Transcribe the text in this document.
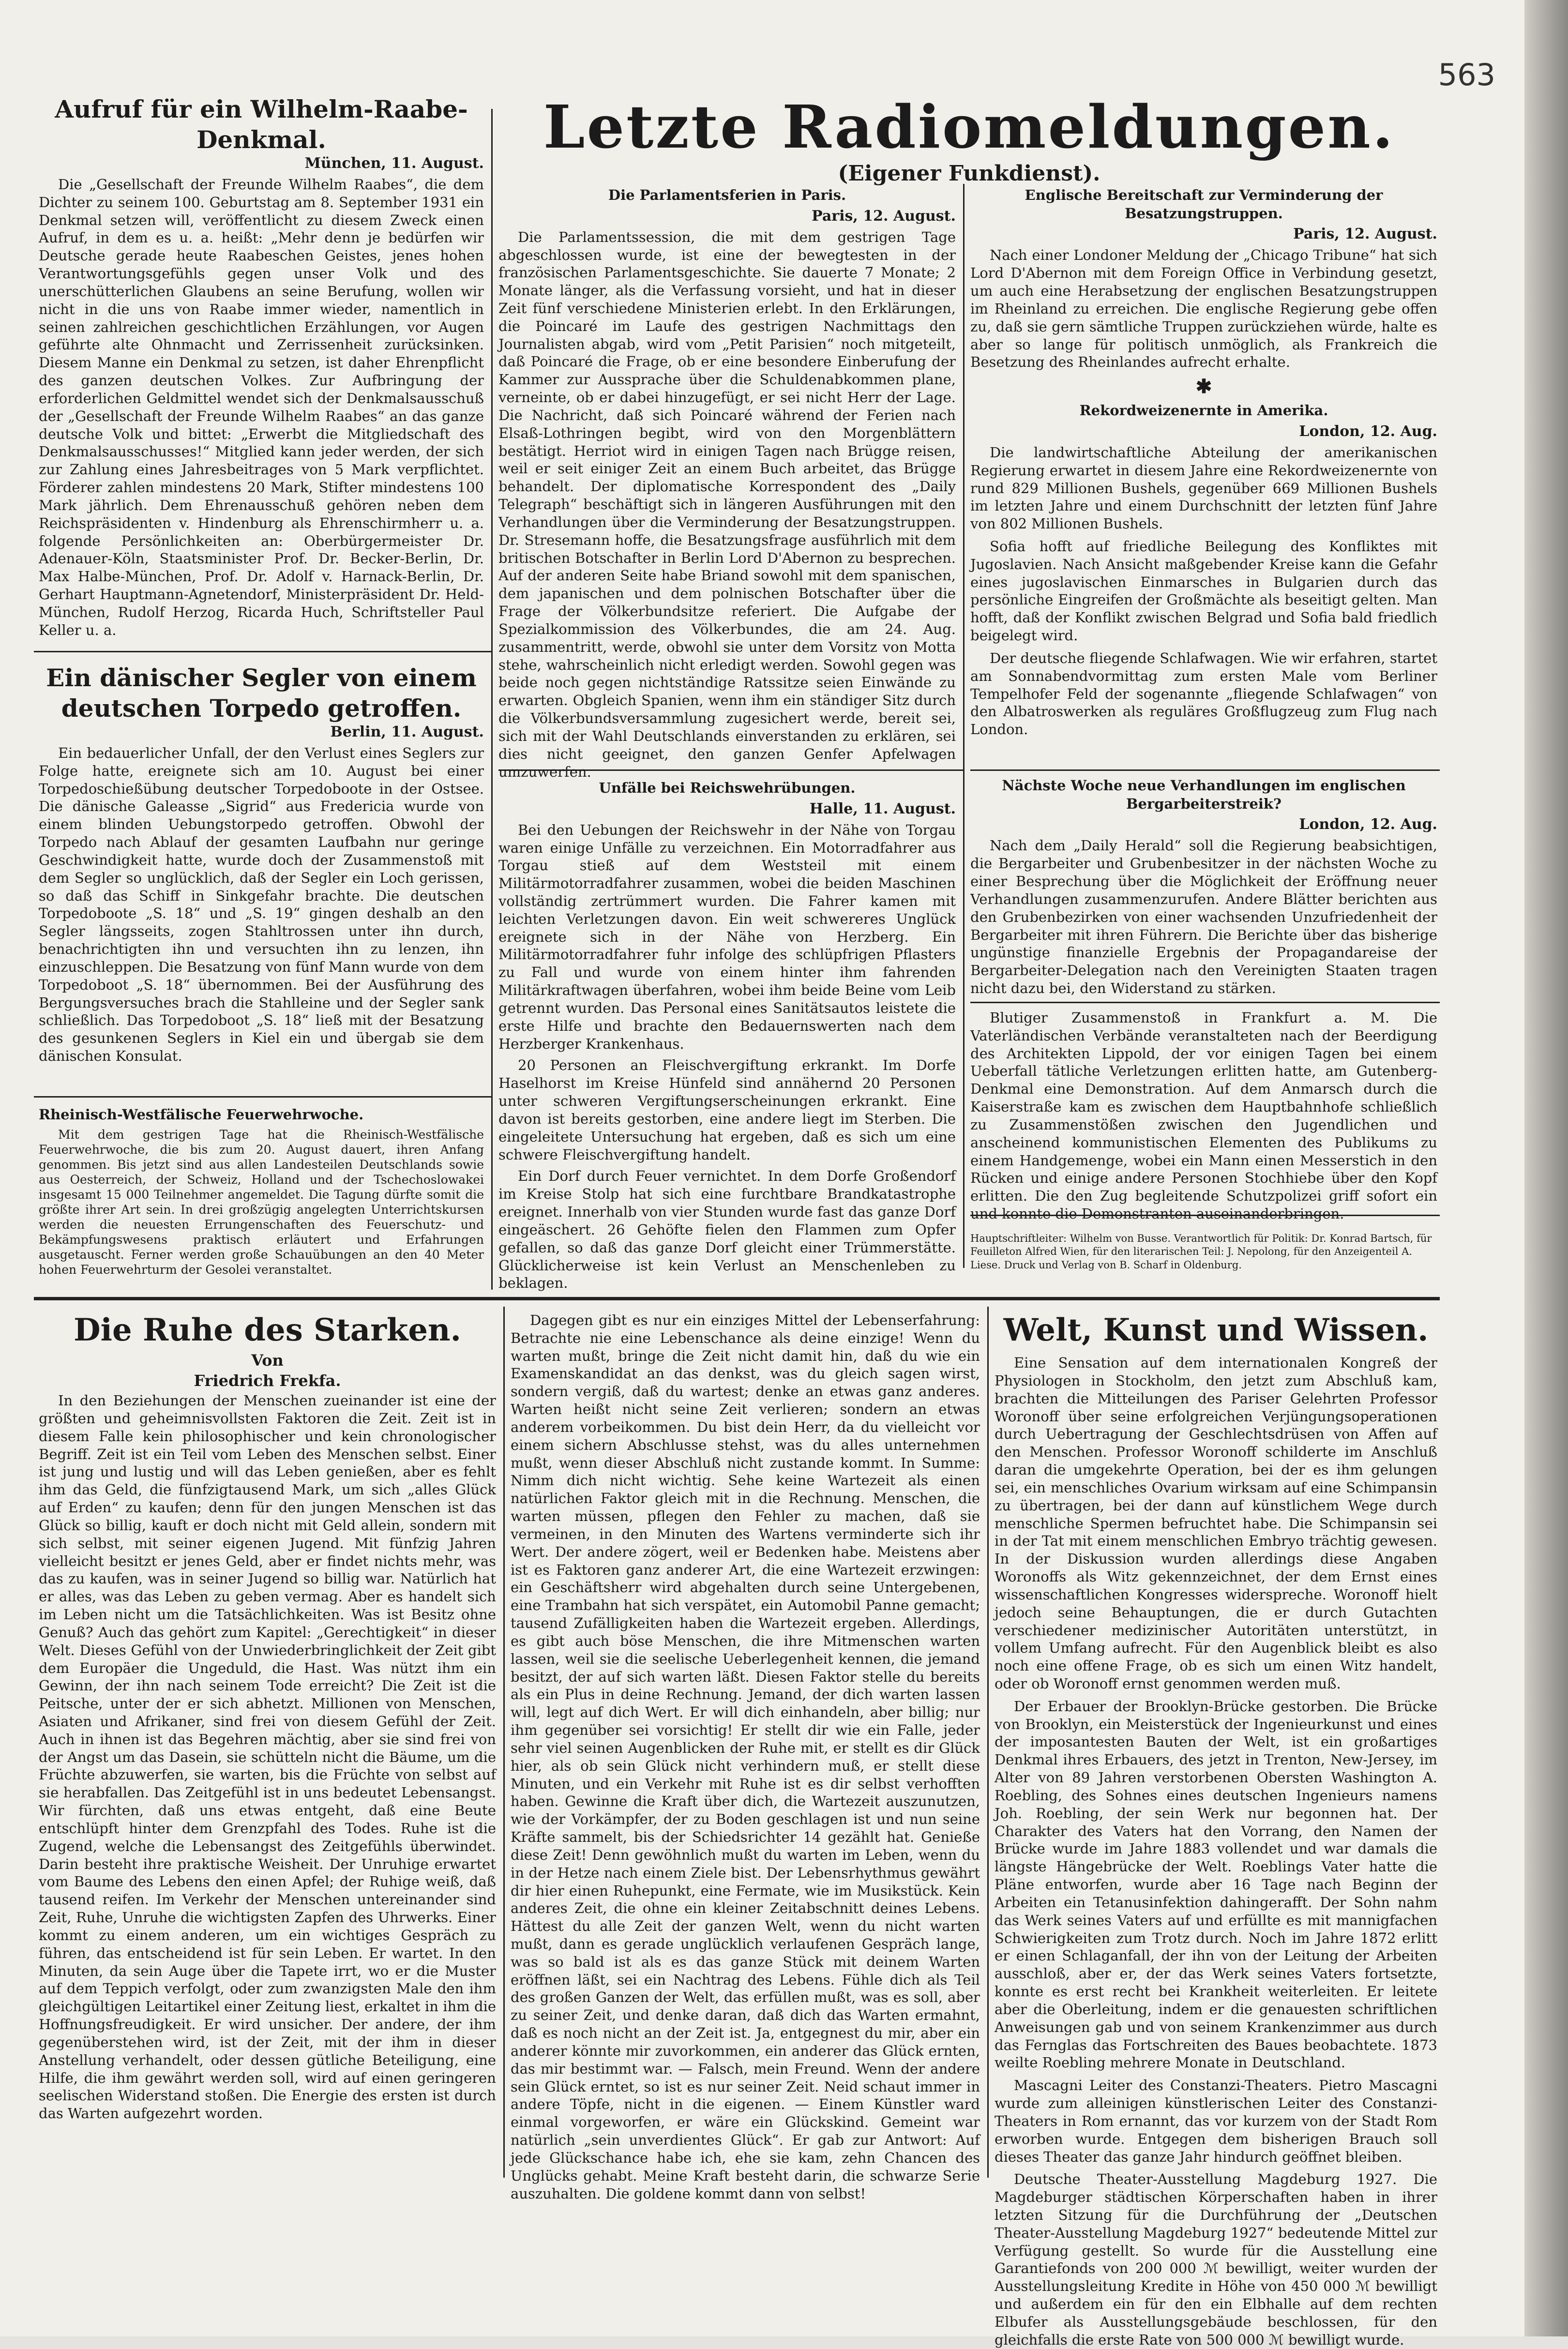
563
Aufruf für ein Wilhelm-Raabe-Denkmal.

München, 11. August.

Die „Gesellschaft der Freunde Wilhelm Raabes“, die dem Dichter zu seinem 100. Geburtstag am 8. September 1931 ein Denkmal setzen will, veröffentlicht zu diesem Zweck einen Aufruf, in dem es u. a. heißt: „Mehr denn je bedürfen wir Deutsche gerade heute Raabeschen Geistes, jenes hohen Verantwortungsgefühls gegen unser Volk und des unerschütterlichen Glaubens an seine Berufung, wollen wir nicht in die uns von Raabe immer wieder, namentlich in seinen zahlreichen geschichtlichen Erzählungen, vor Augen geführte alte Ohnmacht und Zerrissenheit zurücksinken. Diesem Manne ein Denkmal zu setzen, ist daher Ehrenpflicht des ganzen deutschen Volkes. Zur Aufbringung der erforderlichen Geldmittel wendet sich der Denkmalsausschuß der „Gesellschaft der Freunde Wilhelm Raabes“ an das ganze deutsche Volk und bittet: „Erwerbt die Mitgliedschaft des Denkmalsausschusses!“ Mitglied kann jeder werden, der sich zur Zahlung eines Jahresbeitrages von 5 Mark verpflichtet. Förderer zahlen mindestens 20 Mark, Stifter mindestens 100 Mark jährlich. Dem Ehrenausschuß gehören neben dem Reichspräsidenten v. Hindenburg als Ehrenschirmherr u. a. folgende Persönlichkeiten an: Oberbürgermeister Dr. Adenauer-Köln, Staatsminister Prof. Dr. Becker-Berlin, Dr. Max Halbe-München, Prof. Dr. Adolf v. Harnack-Berlin, Dr. Gerhart Hauptmann-Agnetendorf, Ministerpräsident Dr. Held-München, Rudolf Herzog, Ricarda Huch, Schriftsteller Paul Keller u. a.

Ein dänischer Segler von einem deutschen Torpedo getroffen.

Berlin, 11. August.

Ein bedauerlicher Unfall, der den Verlust eines Seglers zur Folge hatte, ereignete sich am 10. August bei einer Torpedoschießübung deutscher Torpedoboote in der Ostsee. Die dänische Galeasse „Sigrid“ aus Fredericia wurde von einem blinden Uebungstorpedo getroffen. Obwohl der Torpedo nach Ablauf der gesamten Laufbahn nur geringe Geschwindigkeit hatte, wurde doch der Zusammenstoß mit dem Segler so unglücklich, daß der Segler ein Loch gerissen, so daß das Schiff in Sinkgefahr brachte. Die deutschen Torpedoboote „S. 18“ und „S. 19“ gingen deshalb an den Segler längsseits, zogen Stahltrossen unter ihn durch, benachrichtigten ihn und versuchten ihn zu lenzen, ihn einzuschleppen. Die Besatzung von fünf Mann wurde von dem Torpedoboot „S. 18“ übernommen. Bei der Ausführung des Bergungsversuches brach die Stahlleine und der Segler sank schließlich. Das Torpedoboot „S. 18“ ließ mit der Besatzung des gesunkenen Seglers in Kiel ein und übergab sie dem dänischen Konsulat.

Rheinisch-Westfälische Feuerwehrwoche.

Mit dem gestrigen Tage hat die Rheinisch-Westfälische Feuerwehrwoche, die bis zum 20. August dauert, ihren Anfang genommen. Bis jetzt sind aus allen Landesteilen Deutschlands sowie aus Oesterreich, der Schweiz, Holland und der Tschechoslowakei insgesamt 15 000 Teilnehmer angemeldet. Die Tagung dürfte somit die größte ihrer Art sein. In drei großzügig angelegten Unterrichtskursen werden die neuesten Errungenschaften des Feuerschutz- und Bekämpfungswesens praktisch erläutert und Erfahrungen ausgetauscht. Ferner werden große Schauübungen an den 40 Meter hohen Feuerwehrturm der Gesolei veranstaltet.

Letzte Radiomeldungen.

(Eigener Funkdienst).

Die Parlamentsferien in Paris.

Paris, 12. August.

Die Parlamentssession, die mit dem gestrigen Tage abgeschlossen wurde, ist eine der bewegtesten in der französischen Parlamentsgeschichte. Sie dauerte 7 Monate; 2 Monate länger, als die Verfassung vorsieht, und hat in dieser Zeit fünf verschiedene Ministerien erlebt. In den Erklärungen, die Poincaré im Laufe des gestrigen Nachmittags den Journalisten abgab, wird vom „Petit Parisien“ noch mitgeteilt, daß Poincaré die Frage, ob er eine besondere Einberufung der Kammer zur Aussprache über die Schuldenabkommen plane, verneinte, ob er dabei hinzugefügt, er sei nicht Herr der Lage. Die Nachricht, daß sich Poincaré während der Ferien nach Elsaß-Lothringen begibt, wird von den Morgenblättern bestätigt. Herriot wird in einigen Tagen nach Brügge reisen, weil er seit einiger Zeit an einem Buch arbeitet, das Brügge behandelt. Der diplomatische Korrespondent des „Daily Telegraph“ beschäftigt sich in längeren Ausführungen mit den Verhandlungen über die Verminderung der Besatzungstruppen. Dr. Stresemann hoffe, die Besatzungsfrage ausführlich mit dem britischen Botschafter in Berlin Lord D'Abernon zu besprechen. Auf der anderen Seite habe Briand sowohl mit dem spanischen, dem japanischen und dem polnischen Botschafter über die Frage der Völkerbundsitze referiert. Die Aufgabe der Spezialkommission des Völkerbundes, die am 24. Aug. zusammentritt, werde, obwohl sie unter dem Vorsitz von Motta stehe, wahrscheinlich nicht erledigt werden. Sowohl gegen was beide noch gegen nichtständige Ratssitze seien Einwände zu erwarten. Obgleich Spanien, wenn ihm ein ständiger Sitz durch die Völkerbundsversammlung zugesichert werde, bereit sei, sich mit der Wahl Deutschlands einverstanden zu erklären, sei dies nicht geeignet, den ganzen Genfer Apfelwagen umzuwerfen.

Unfälle bei Reichswehrübungen.

Halle, 11. August.

Bei den Uebungen der Reichswehr in der Nähe von Torgau waren einige Unfälle zu verzeichnen. Ein Motorradfahrer aus Torgau stieß auf dem Weststeil mit einem Militärmotorradfahrer zusammen, wobei die beiden Maschinen vollständig zertrümmert wurden. Die Fahrer kamen mit leichten Verletzungen davon. Ein weit schwereres Unglück ereignete sich in der Nähe von Herzberg. Ein Militärmotorradfahrer fuhr infolge des schlüpfrigen Pflasters zu Fall und wurde von einem hinter ihm fahrenden Militärkraftwagen überfahren, wobei ihm beide Beine vom Leib getrennt wurden. Das Personal eines Sanitätsautos leistete die erste Hilfe und brachte den Bedauernswerten nach dem Herzberger Krankenhaus.

20 Personen an Fleischvergiftung erkrankt. Im Dorfe Haselhorst im Kreise Hünfeld sind annähernd 20 Personen unter schweren Vergiftungserscheinungen erkrankt. Eine davon ist bereits gestorben, eine andere liegt im Sterben. Die eingeleitete Untersuchung hat ergeben, daß es sich um eine schwere Fleischvergiftung handelt.

Ein Dorf durch Feuer vernichtet. In dem Dorfe Großendorf im Kreise Stolp hat sich eine furchtbare Brandkatastrophe ereignet. Innerhalb von vier Stunden wurde fast das ganze Dorf eingeäschert. 26 Gehöfte fielen den Flammen zum Opfer gefallen, so daß das ganze Dorf gleicht einer Trümmerstätte. Glücklicherweise ist kein Verlust an Menschenleben zu beklagen.

Englische Bereitschaft zur Verminderung der Besatzungstruppen.

Paris, 12. August.

Nach einer Londoner Meldung der „Chicago Tribune“ hat sich Lord D'Abernon mit dem Foreign Office in Verbindung gesetzt, um auch eine Herabsetzung der englischen Besatzungstruppen im Rheinland zu erreichen. Die englische Regierung gebe offen zu, daß sie gern sämtliche Truppen zurückziehen würde, halte es aber so lange für politisch unmöglich, als Frankreich die Besetzung des Rheinlandes aufrecht erhalte.

✱

Rekordweizenernte in Amerika.

London, 12. Aug.

Die landwirtschaftliche Abteilung der amerikanischen Regierung erwartet in diesem Jahre eine Rekordweizenernte von rund 829 Millionen Bushels, gegenüber 669 Millionen Bushels im letzten Jahre und einem Durchschnitt der letzten fünf Jahre von 802 Millionen Bushels.

Sofia hofft auf friedliche Beilegung des Konfliktes mit Jugoslavien. Nach Ansicht maßgebender Kreise kann die Gefahr eines jugoslavischen Einmarsches in Bulgarien durch das persönliche Eingreifen der Großmächte als beseitigt gelten. Man hofft, daß der Konflikt zwischen Belgrad und Sofia bald friedlich beigelegt wird.

Der deutsche fliegende Schlafwagen. Wie wir erfahren, startet am Sonnabendvormittag zum ersten Male vom Berliner Tempelhofer Feld der sogenannte „fliegende Schlafwagen“ von den Albatroswerken als reguläres Großflugzeug zum Flug nach London.

Nächste Woche neue Verhandlungen im englischen Bergarbeiterstreik?

London, 12. Aug.

Nach dem „Daily Herald“ soll die Regierung beabsichtigen, die Bergarbeiter und Grubenbesitzer in der nächsten Woche zu einer Besprechung über die Möglichkeit der Eröffnung neuer Verhandlungen zusammenzurufen. Andere Blätter berichten aus den Grubenbezirken von einer wachsenden Unzufriedenheit der Bergarbeiter mit ihren Führern. Die Berichte über das bisherige ungünstige finanzielle Ergebnis der Propagandareise der Bergarbeiter-Delegation nach den Vereinigten Staaten tragen nicht dazu bei, den Widerstand zu stärken.

Blutiger Zusammenstoß in Frankfurt a. M. Die Vaterländischen Verbände veranstalteten nach der Beerdigung des Architekten Lippold, der vor einigen Tagen bei einem Ueberfall tätliche Verletzungen erlitten hatte, am Gutenberg-Denkmal eine Demonstration. Auf dem Anmarsch durch die Kaiserstraße kam es zwischen dem Hauptbahnhofe schließlich zu Zusammenstößen zwischen den Jugendlichen und anscheinend kommunistischen Elementen des Publikums zu einem Handgemenge, wobei ein Mann einen Messerstich in den Rücken und einige andere Personen Stochhiebe über den Kopf erlitten. Die den Zug begleitende Schutzpolizei griff sofort ein und konnte die Demonstranten auseinanderbringen.

Hauptschriftleiter: Wilhelm von Busse. Verantwortlich für Politik: Dr. Konrad Bartsch, für Feuilleton Alfred Wien, für den literarischen Teil: J. Nepolong, für den Anzeigenteil A. Liese. Druck und Verlag von B. Scharf in Oldenburg.

Die Ruhe des Starken.

Von

Friedrich Frekfa.

In den Beziehungen der Menschen zueinander ist eine der größten und geheimnisvollsten Faktoren die Zeit. Zeit ist in diesem Falle kein philosophischer und kein chronologischer Begriff. Zeit ist ein Teil vom Leben des Menschen selbst. Einer ist jung und lustig und will das Leben genießen, aber es fehlt ihm das Geld, die fünfzigtausend Mark, um sich „alles Glück auf Erden“ zu kaufen; denn für den jungen Menschen ist das Glück so billig, kauft er doch nicht mit Geld allein, sondern mit sich selbst, mit seiner eigenen Jugend. Mit fünfzig Jahren vielleicht besitzt er jenes Geld, aber er findet nichts mehr, was das zu kaufen, was in seiner Jugend so billig war. Natürlich hat er alles, was das Leben zu geben vermag. Aber es handelt sich im Leben nicht um die Tatsächlichkeiten. Was ist Besitz ohne Genuß? Auch das gehört zum Kapitel: „Gerechtigkeit“ in dieser Welt. Dieses Gefühl von der Unwiederbringlichkeit der Zeit gibt dem Europäer die Ungeduld, die Hast. Was nützt ihm ein Gewinn, der ihn nach seinem Tode erreicht? Die Zeit ist die Peitsche, unter der er sich abhetzt. Millionen von Menschen, Asiaten und Afrikaner, sind frei von diesem Gefühl der Zeit. Auch in ihnen ist das Begehren mächtig, aber sie sind frei von der Angst um das Dasein, sie schütteln nicht die Bäume, um die Früchte abzuwerfen, sie warten, bis die Früchte von selbst auf sie herabfallen. Das Zeitgefühl ist in uns bedeutet Lebensangst. Wir fürchten, daß uns etwas entgeht, daß eine Beute entschlüpft hinter dem Grenzpfahl des Todes. Ruhe ist die Zugend, welche die Lebensangst des Zeitgefühls überwindet. Darin besteht ihre praktische Weisheit. Der Unruhige erwartet vom Baume des Lebens den einen Apfel; der Ruhige weiß, daß tausend reifen. Im Verkehr der Menschen untereinander sind Zeit, Ruhe, Unruhe die wichtigsten Zapfen des Uhrwerks. Einer kommt zu einem anderen, um ein wichtiges Gespräch zu führen, das entscheidend ist für sein Leben. Er wartet. In den Minuten, da sein Auge über die Tapete irrt, wo er die Muster auf dem Teppich verfolgt, oder zum zwanzigsten Male den ihm gleichgültigen Leitartikel einer Zeitung liest, erkaltet in ihm die Hoffnungsfreudigkeit. Er wird unsicher. Der andere, der ihm gegenüberstehen wird, ist der Zeit, mit der ihm in dieser Anstellung verhandelt, oder dessen gütliche Beteiligung, eine Hilfe, die ihm gewährt werden soll, wird auf einen geringeren seelischen Widerstand stoßen. Die Energie des ersten ist durch das Warten aufgezehrt worden.

Dagegen gibt es nur ein einziges Mittel der Lebenserfahrung: Betrachte nie eine Lebenschance als deine einzige! Wenn du warten mußt, bringe die Zeit nicht damit hin, daß du wie ein Examenskandidat an das denkst, was du gleich sagen wirst, sondern vergiß, daß du wartest; denke an etwas ganz anderes. Warten heißt nicht seine Zeit verlieren; sondern an etwas anderem vorbeikommen. Du bist dein Herr, da du vielleicht vor einem sichern Abschlusse stehst, was du alles unternehmen mußt, wenn dieser Abschluß nicht zustande kommt. In Summe: Nimm dich nicht wichtig. Sehe keine Wartezeit als einen natürlichen Faktor gleich mit in die Rechnung. Menschen, die warten müssen, pflegen den Fehler zu machen, daß sie vermeinen, in den Minuten des Wartens verminderte sich ihr Wert. Der andere zögert, weil er Bedenken habe. Meistens aber ist es Faktoren ganz anderer Art, die eine Wartezeit erzwingen: ein Geschäftsherr wird abgehalten durch seine Untergebenen, eine Trambahn hat sich verspätet, ein Automobil Panne gemacht; tausend Zufälligkeiten haben die Wartezeit ergeben. Allerdings, es gibt auch böse Menschen, die ihre Mitmenschen warten lassen, weil sie die seelische Ueberlegenheit kennen, die jemand besitzt, der auf sich warten läßt. Diesen Faktor stelle du bereits als ein Plus in deine Rechnung. Jemand, der dich warten lassen will, legt auf dich Wert. Er will dich einhandeln, aber billig; nur ihm gegenüber sei vorsichtig! Er stellt dir wie ein Falle, jeder sehr viel seinen Augenblicken der Ruhe mit, er stellt es dir Glück hier, als ob sein Glück nicht verhindern muß, er stellt diese Minuten, und ein Verkehr mit Ruhe ist es dir selbst verhofften haben. Gewinne die Kraft über dich, die Wartezeit auszunutzen, wie der Vorkämpfer, der zu Boden geschlagen ist und nun seine Kräfte sammelt, bis der Schiedsrichter 14 gezählt hat. Genieße diese Zeit! Denn gewöhnlich mußt du warten im Leben, wenn du in der Hetze nach einem Ziele bist. Der Lebensrhythmus gewährt dir hier einen Ruhepunkt, eine Fermate, wie im Musikstück. Kein anderes Zeit, die ohne ein kleiner Zeitabschnitt deines Lebens. Hättest du alle Zeit der ganzen Welt, wenn du nicht warten mußt, dann es gerade unglücklich verlaufenen Gespräch lange, was so bald ist als es das ganze Stück mit deinem Warten eröffnen läßt, sei ein Nachtrag des Lebens. Fühle dich als Teil des großen Ganzen der Welt, das erfüllen mußt, was es soll, aber zu seiner Zeit, und denke daran, daß dich das Warten ermahnt, daß es noch nicht an der Zeit ist. Ja, entgegnest du mir, aber ein anderer könnte mir zuvorkommen, ein anderer das Glück ernten, das mir bestimmt war. — Falsch, mein Freund. Wenn der andere sein Glück erntet, so ist es nur seiner Zeit. Neid schaut immer in andere Töpfe, nicht in die eigenen. — Einem Künstler ward einmal vorgeworfen, er wäre ein Glückskind. Gemeint war natürlich „sein unverdientes Glück“. Er gab zur Antwort: Auf jede Glückschance habe ich, ehe sie kam, zehn Chancen des Unglücks gehabt. Meine Kraft besteht darin, die schwarze Serie auszuhalten. Die goldene kommt dann von selbst!

Welt, Kunst und Wissen.

Eine Sensation auf dem internationalen Kongreß der Physiologen in Stockholm, den jetzt zum Abschluß kam, brachten die Mitteilungen des Pariser Gelehrten Professor Woronoff über seine erfolgreichen Verjüngungsoperationen durch Uebertragung der Geschlechtsdrüsen von Affen auf den Menschen. Professor Woronoff schilderte im Anschluß daran die umgekehrte Operation, bei der es ihm gelungen sei, ein menschliches Ovarium wirksam auf eine Schimpansin zu übertragen, bei der dann auf künstlichem Wege durch menschliche Spermen befruchtet habe. Die Schimpansin sei in der Tat mit einem menschlichen Embryo trächtig gewesen. In der Diskussion wurden allerdings diese Angaben Woronoffs als Witz gekennzeichnet, der dem Ernst eines wissenschaftlichen Kongresses widerspreche. Woronoff hielt jedoch seine Behauptungen, die er durch Gutachten verschiedener medizinischer Autoritäten unterstützt, in vollem Umfang aufrecht. Für den Augenblick bleibt es also noch eine offene Frage, ob es sich um einen Witz handelt, oder ob Woronoff ernst genommen werden muß.

Der Erbauer der Brooklyn-Brücke gestorben. Die Brücke von Brooklyn, ein Meisterstück der Ingenieurkunst und eines der imposantesten Bauten der Welt, ist ein großartiges Denkmal ihres Erbauers, des jetzt in Trenton, New-Jersey, im Alter von 89 Jahren verstorbenen Obersten Washington A. Roebling, des Sohnes eines deutschen Ingenieurs namens Joh. Roebling, der sein Werk nur begonnen hat. Der Charakter des Vaters hat den Vorrang, den Namen der Brücke wurde im Jahre 1883 vollendet und war damals die längste Hängebrücke der Welt. Roeblings Vater hatte die Pläne entworfen, wurde aber 16 Tage nach Beginn der Arbeiten ein Tetanusinfektion dahingerafft. Der Sohn nahm das Werk seines Vaters auf und erfüllte es mit mannigfachen Schwierigkeiten zum Trotz durch. Noch im Jahre 1872 erlitt er einen Schlaganfall, der ihn von der Leitung der Arbeiten ausschloß, aber er, der das Werk seines Vaters fortsetzte, konnte es erst recht bei Krankheit weiterleiten. Er leitete aber die Oberleitung, indem er die genauesten schriftlichen Anweisungen gab und von seinem Krankenzimmer aus durch das Fernglas das Fortschreiten des Baues beobachtete. 1873 weilte Roebling mehrere Monate in Deutschland.

Mascagni Leiter des Constanzi-Theaters. Pietro Mascagni wurde zum alleinigen künstlerischen Leiter des Constanzi-Theaters in Rom ernannt, das vor kurzem von der Stadt Rom erworben wurde. Entgegen dem bisherigen Brauch soll dieses Theater das ganze Jahr hindurch geöffnet bleiben.

Deutsche Theater-Ausstellung Magdeburg 1927. Die Magdeburger städtischen Körperschaften haben in ihrer letzten Sitzung für die Durchführung der „Deutschen Theater-Ausstellung Magdeburg 1927“ bedeutende Mittel zur Verfügung gestellt. So wurde für die Ausstellung eine Garantiefonds von 200 000 ℳ bewilligt, weiter wurden der Ausstellungsleitung Kredite in Höhe von 450 000 ℳ bewilligt und außerdem ein für den ein Elbhalle auf dem rechten Elbufer als Ausstellungsgebäude beschlossen, für den gleichfalls die erste Rate von 500 000 ℳ bewilligt wurde.
